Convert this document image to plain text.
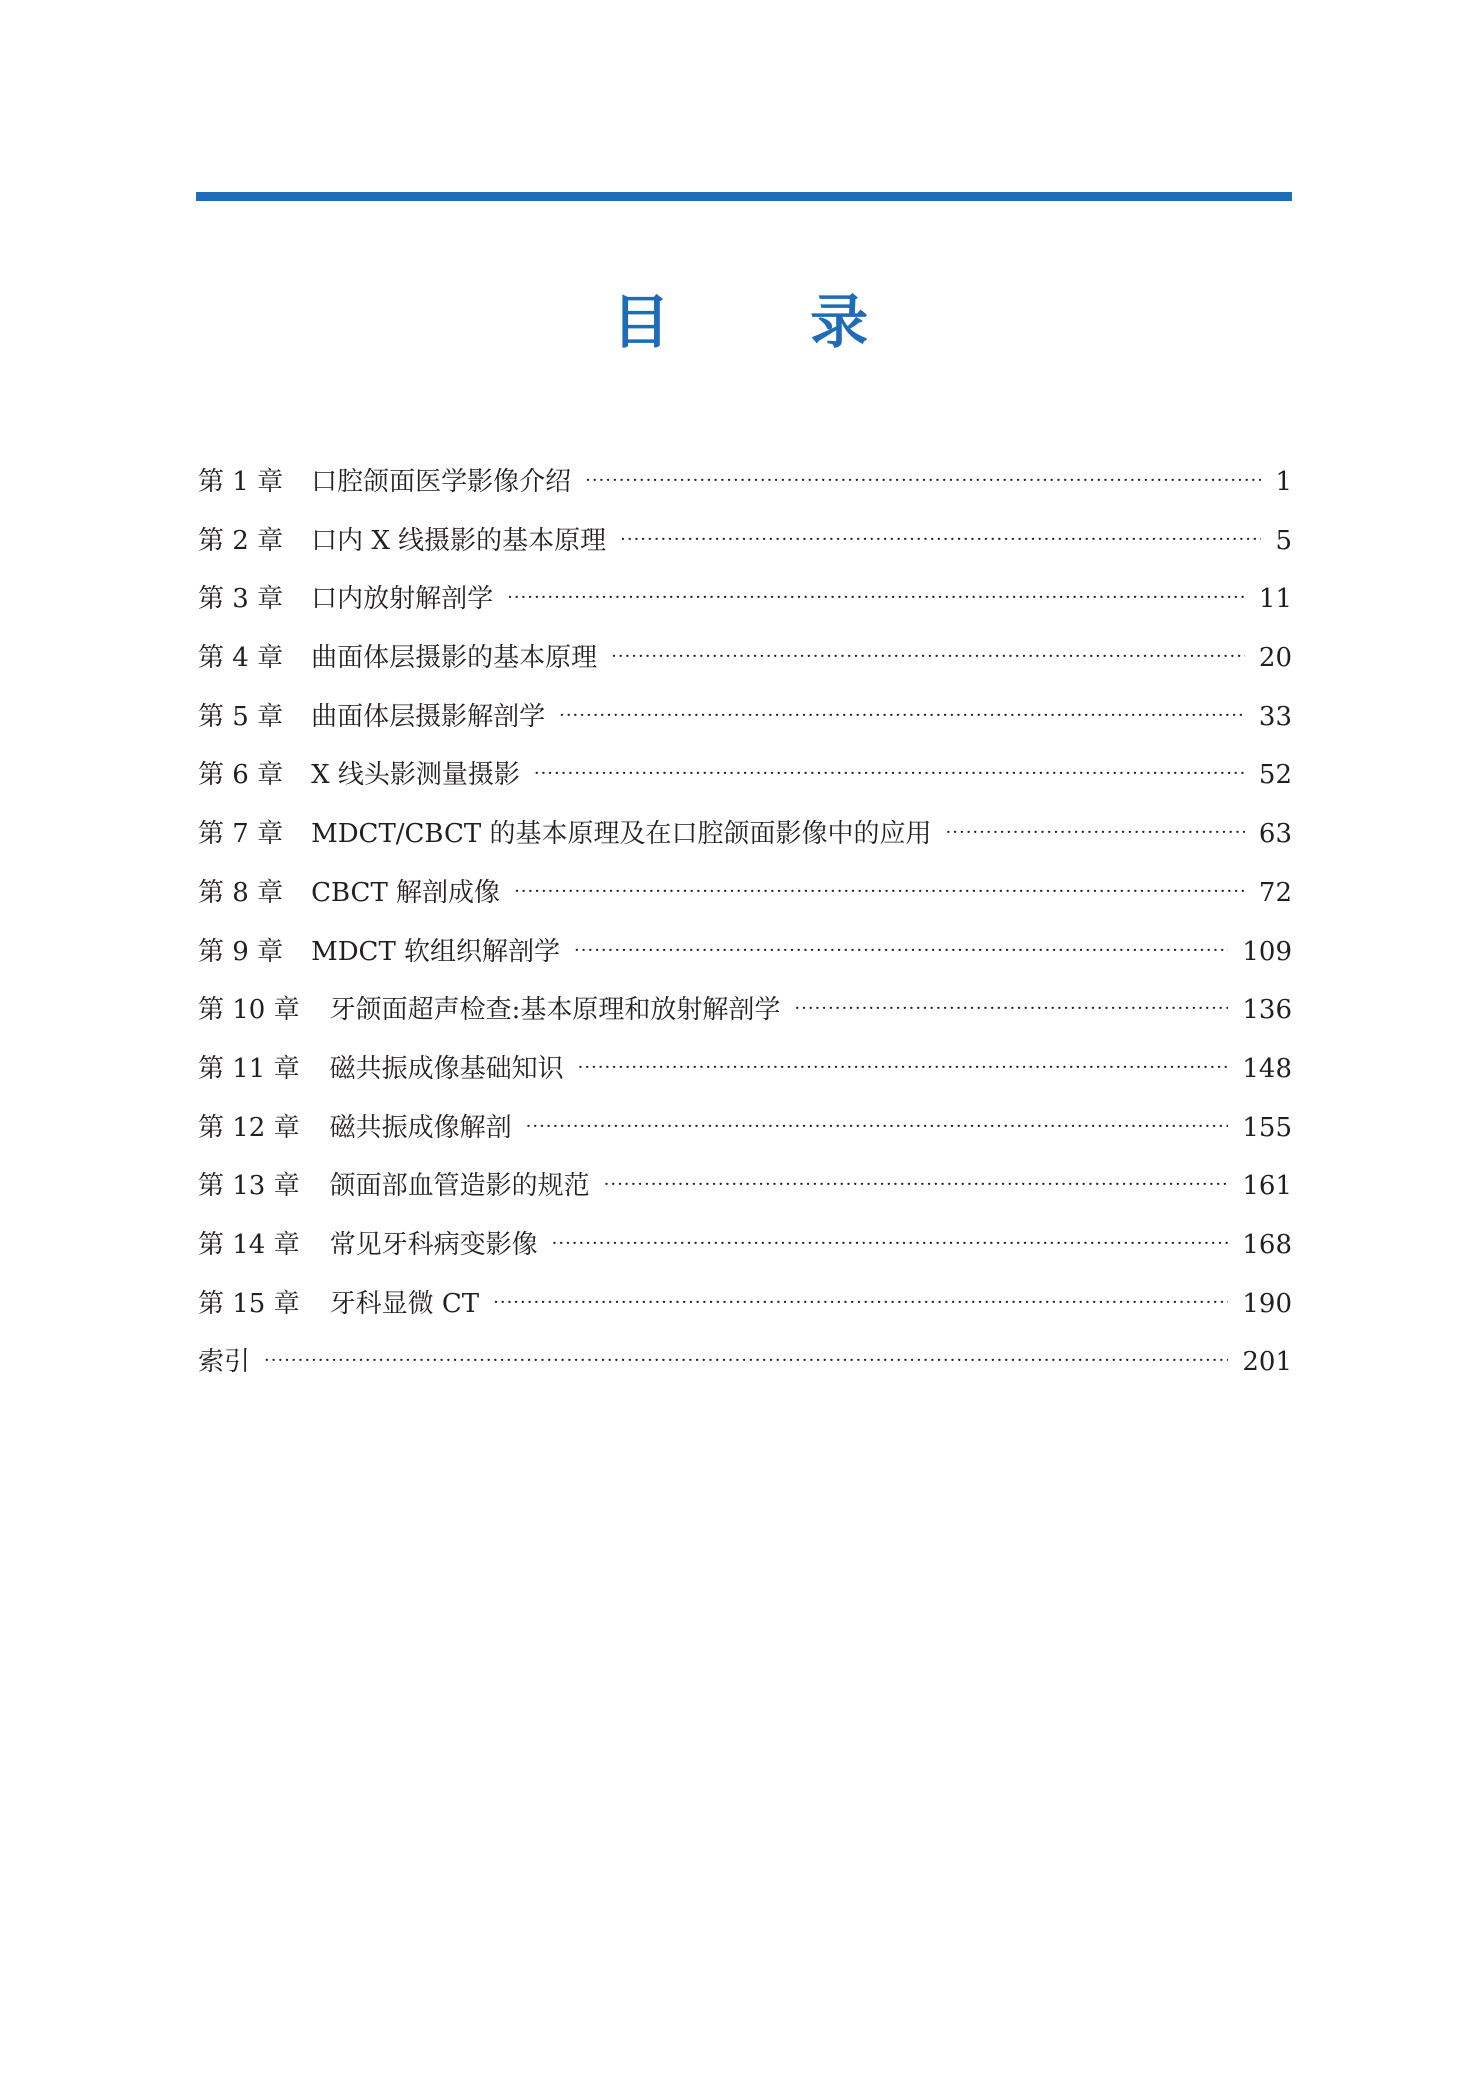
目 录
第 1 章 口腔颌面医学影像介绍 ·····	1
第 2 章 口内 X 线摄影的基本原理 ·····	5
第 3 章 口内放射解剖学 ·····	11
第 4 章 曲面体层摄影的基本原理 ·····	20
第 5 章 曲面体层摄影解剖学 ·····	33
第 6 章 X 线头影测量摄影 ·····	52
第 7 章 MDCT/CBCT 的基本原理及在口腔颌面影像中的应用 ·····	63
第 8 章 CBCT 解剖成像 ·····	72
第 9 章 MDCT 软组织解剖学 ·····	109
第 10 章 牙颌面超声检查:基本原理和放射解剖学 ·····	136
第 11 章 磁共振成像基础知识 ·····	148
第 12 章 磁共振成像解剖 ·····	155
第 13 章 颌面部血管造影的规范 ·····	161
第 14 章 常见牙科病变影像 ·····	168
第 15 章 牙科显微 CT ·····	190
索引 ·····	201
